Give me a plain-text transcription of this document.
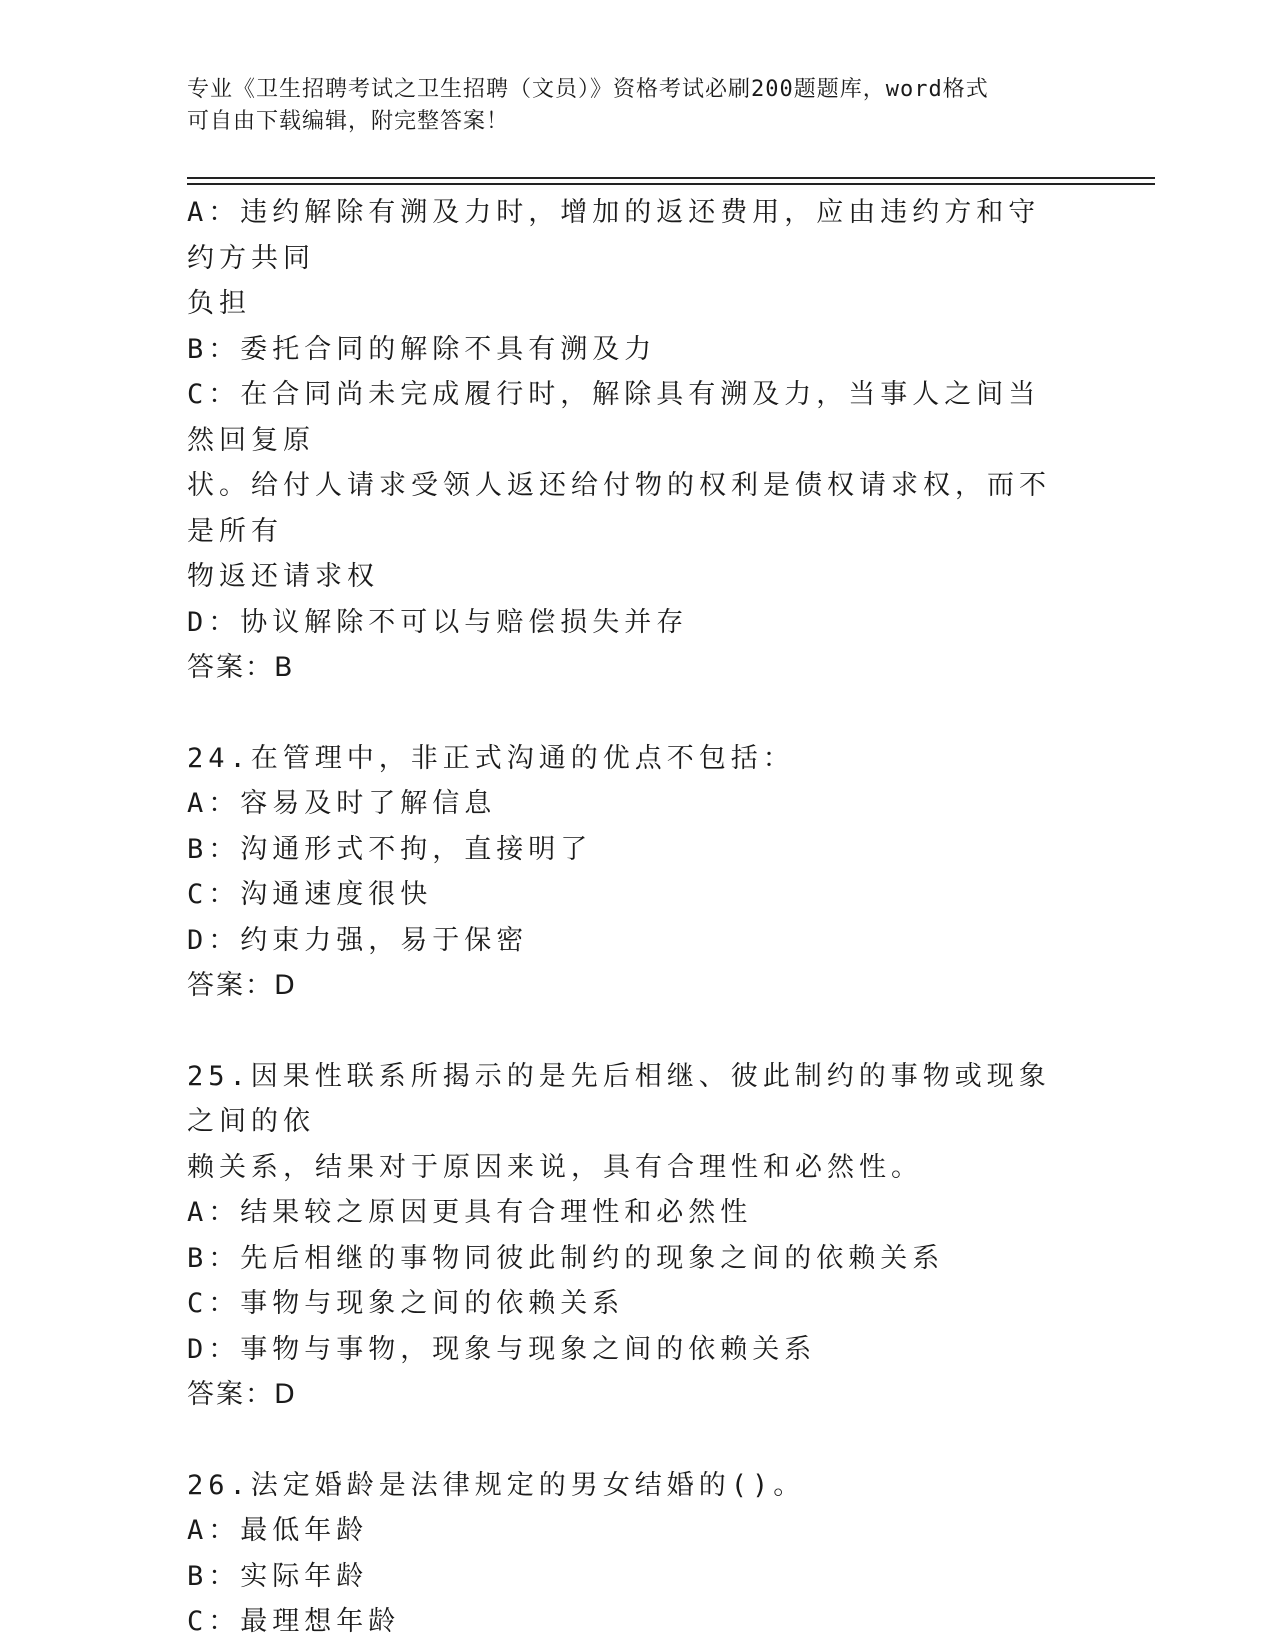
专业《卫生招聘考试之卫生招聘（文员）》资格考试必刷200题题库，word格式
可自由下载编辑，附完整答案！

A：违约解除有溯及力时，增加的返还费用，应由违约方和守约方共同

负担

B：委托合同的解除不具有溯及力

C：在合同尚未完成履行时，解除具有溯及力，当事人之间当然回复原

状。给付人请求受领人返还给付物的权利是债权请求权，而不是所有

物返还请求权

D：协议解除不可以与赔偿损失并存

答案：B

24.在管理中，非正式沟通的优点不包括：

A：容易及时了解信息

B：沟通形式不拘，直接明了

C：沟通速度很快

D：约束力强，易于保密

答案：D

25.因果性联系所揭示的是先后相继、彼此制约的事物或现象之间的依

赖关系，结果对于原因来说，具有合理性和必然性。

A：结果较之原因更具有合理性和必然性

B：先后相继的事物同彼此制约的现象之间的依赖关系

C：事物与现象之间的依赖关系

D：事物与事物，现象与现象之间的依赖关系

答案：D

26.法定婚龄是法律规定的男女结婚的()。

A：最低年龄

B：实际年龄

C：最理想年龄
